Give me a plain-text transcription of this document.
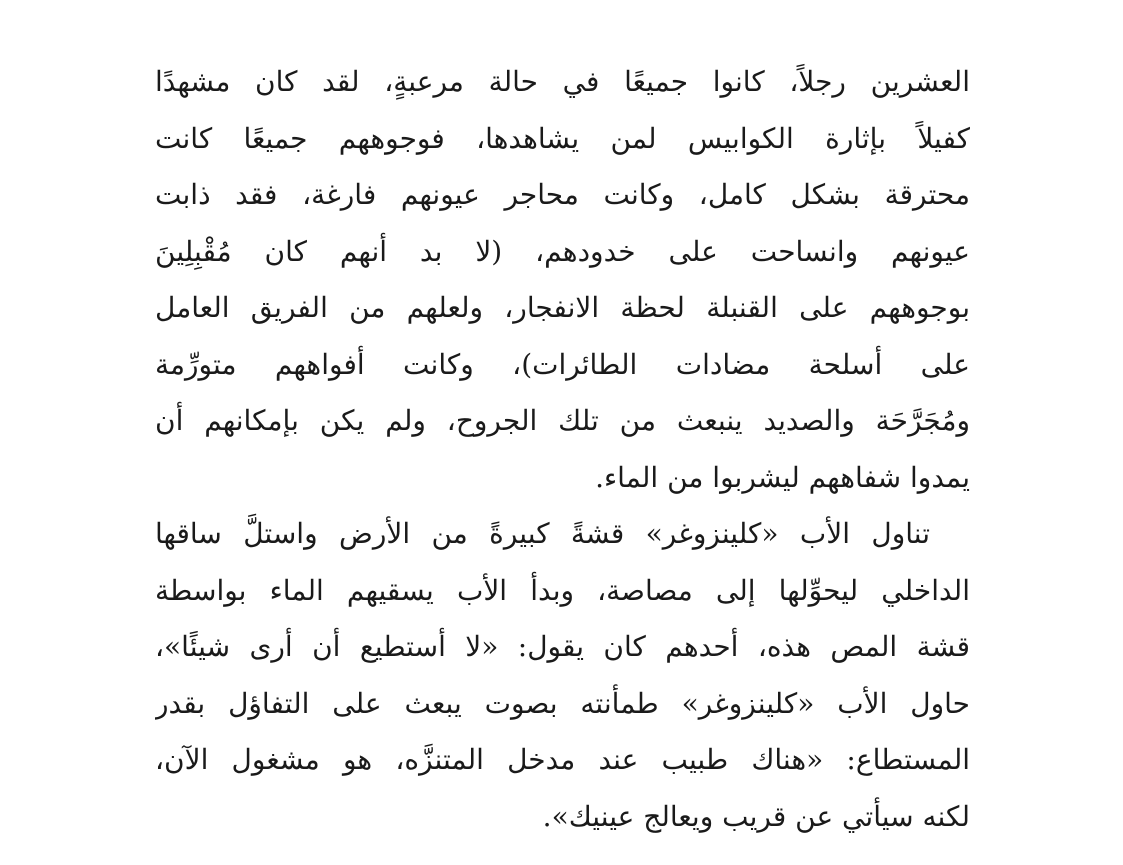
العشرين رجلاً، كانوا جميعًا في حالة مرعبةٍ، لقد كان مشهدًا
كفيلاً بإثارة الكوابيس لمن يشاهدها، فوجوههم جميعًا كانت
محترقة بشكل كامل، وكانت محاجر عيونهم فارغة، فقد ذابت
عيونهم وانساحت على خدودهم، (لا بد أنهم كان مُقْبِلِينَ
بوجوههم على القنبلة لحظة الانفجار، ولعلهم من الفريق العامل
على أسلحة مضادات الطائرات)، وكانت أفواههم متورِّمة
ومُجَرَّحَة والصديد ينبعث من تلك الجروح، ولم يكن بإمكانهم أن
يمدوا شفاههم ليشربوا من الماء.
تناول الأب «كلينزوغر» قشةً كبيرةً من الأرض واستلَّ ساقها
الداخلي ليحوِّلها إلى مصاصة، وبدأ الأب يسقيهم الماء بواسطة
قشة المص هذه، أحدهم كان يقول: «لا أستطيع أن أرى شيئًا»،
حاول الأب «كلينزوغر» طمأنته بصوت يبعث على التفاؤل بقدر
المستطاع: «هناك طبيب عند مدخل المتنزَّه، هو مشغول الآن،
لكنه سيأتي عن قريب ويعالج عينيك».
